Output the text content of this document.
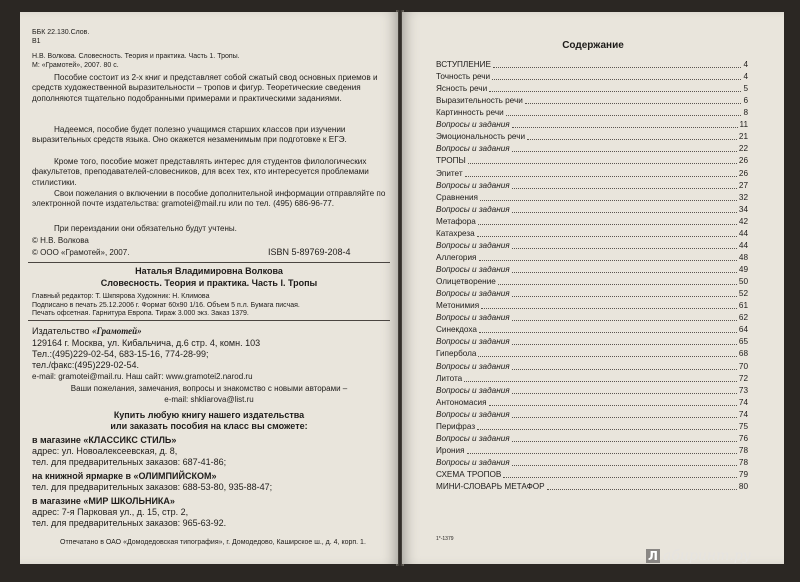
ББК 22.130.Слов.
В1
Н.В. Волкова. Словесность. Теория и практика. Часть 1. Тропы.
М: «Грамотей», 2007. 80 с.
Пособие состоит из 2-х книг и представляет собой сжатый свод основных приемов и средств художественной выразительности – тропов и фигур. Теоретические сведения дополняются тщательно подобранными примерами и практическими заданиями.
Надеемся, пособие будет полезно учащимся старших классов при изучении выразительных средств языка. Оно окажется незаменимым при подготовке к ЕГЭ.
Кроме того, пособие может представлять интерес для студентов филологических факультетов, преподавателей-словесников, для всех тех, кто интересуется проблемами стилистики.
Свои пожелания о включении в пособие дополнительной информации отправляйте по электронной почте издательства: gramotei@mail.ru или по тел. (495) 686-96-77.
При переиздании они обязательно будут учтены.
© Н.В. Волкова
© ООО «Грамотей», 2007.	ISBN 5-89769-208-4
Наталья Владимировна Волкова
Словесность. Теория и практика. Часть I. Тропы
Главный редактор: Т. Шкпярова Художник: Н. Климова
Подписано в печать 25.12.2006 г. Формат 60х90 1/16. Объем 5 п.л. Бумага писчая.
Печать офсетная. Гарнитура Европа. Тираж 3.000 экз. Заказ 1379.
Издательство «Грамотей»
129164 г. Москва, ул. Кибальчича, д.6 стр. 4, комн. 103
Тел.:(495)229-02-54, 683-15-16, 774-28-99;
тел./факс:(495)229-02-54.
e-mail: gramotei@mail.ru. Наш сайт: www.gramotei2.narod.ru
Ваши пожелания, замечания, вопросы и знакомство с новыми авторами –
e-mail: shkliarova@list.ru
Купить любую книгу нашего издательства
или заказать пособия на класс вы сможете:
в магазине «КЛАССИКС СТИЛЬ»
адрес: ул. Новоалексеевская, д. 8,
тел. для предварительных заказов: 687-41-86;
на книжной ярмарке в «ОЛИМПИЙСКОМ»
тел. для предварительных заказов: 688-53-80, 935-88-47;
в магазине «МИР ШКОЛЬНИКА»
адрес: 7-я Парковая ул., д. 15, стр. 2,
тел. для предварительных заказов: 965-63-92.
Отпечатано в ОАО «Домодедовская типография», г. Домодедово, Каширское ш., д. 4, корп. 1.
Содержание
ВСТУПЛЕНИЕ	4
Точность речи	4
Ясность речи	5
Выразительность речи	6
Картинность речи	8
Вопросы и задания	11
Эмоциональность речи	21
Вопросы и задания	22
ТРОПЫ	26
Эпитет	26
Вопросы и задания	27
Сравнения	32
Вопросы и задания	34
Метафора	42
Катахреза	44
Вопросы и задания	44
Аллегория	48
Вопросы и задания	49
Олицетворение	50
Вопросы и задания	52
Метонимия	61
Вопросы и задания	62
Синекдоха	64
Вопросы и задания	65
Гипербола	68
Вопросы и задания	70
Литота	72
Вопросы и задания	73
Антономасия	74
Вопросы и задания	74
Перифраз	75
Вопросы и задания	76
Ирония	78
Вопросы и задания	78
СХЕМА ТРОПОВ	79
МИНИ-СЛОВАРЬ МЕТАФОР	80
1*-1379
Л абиринт.ру
